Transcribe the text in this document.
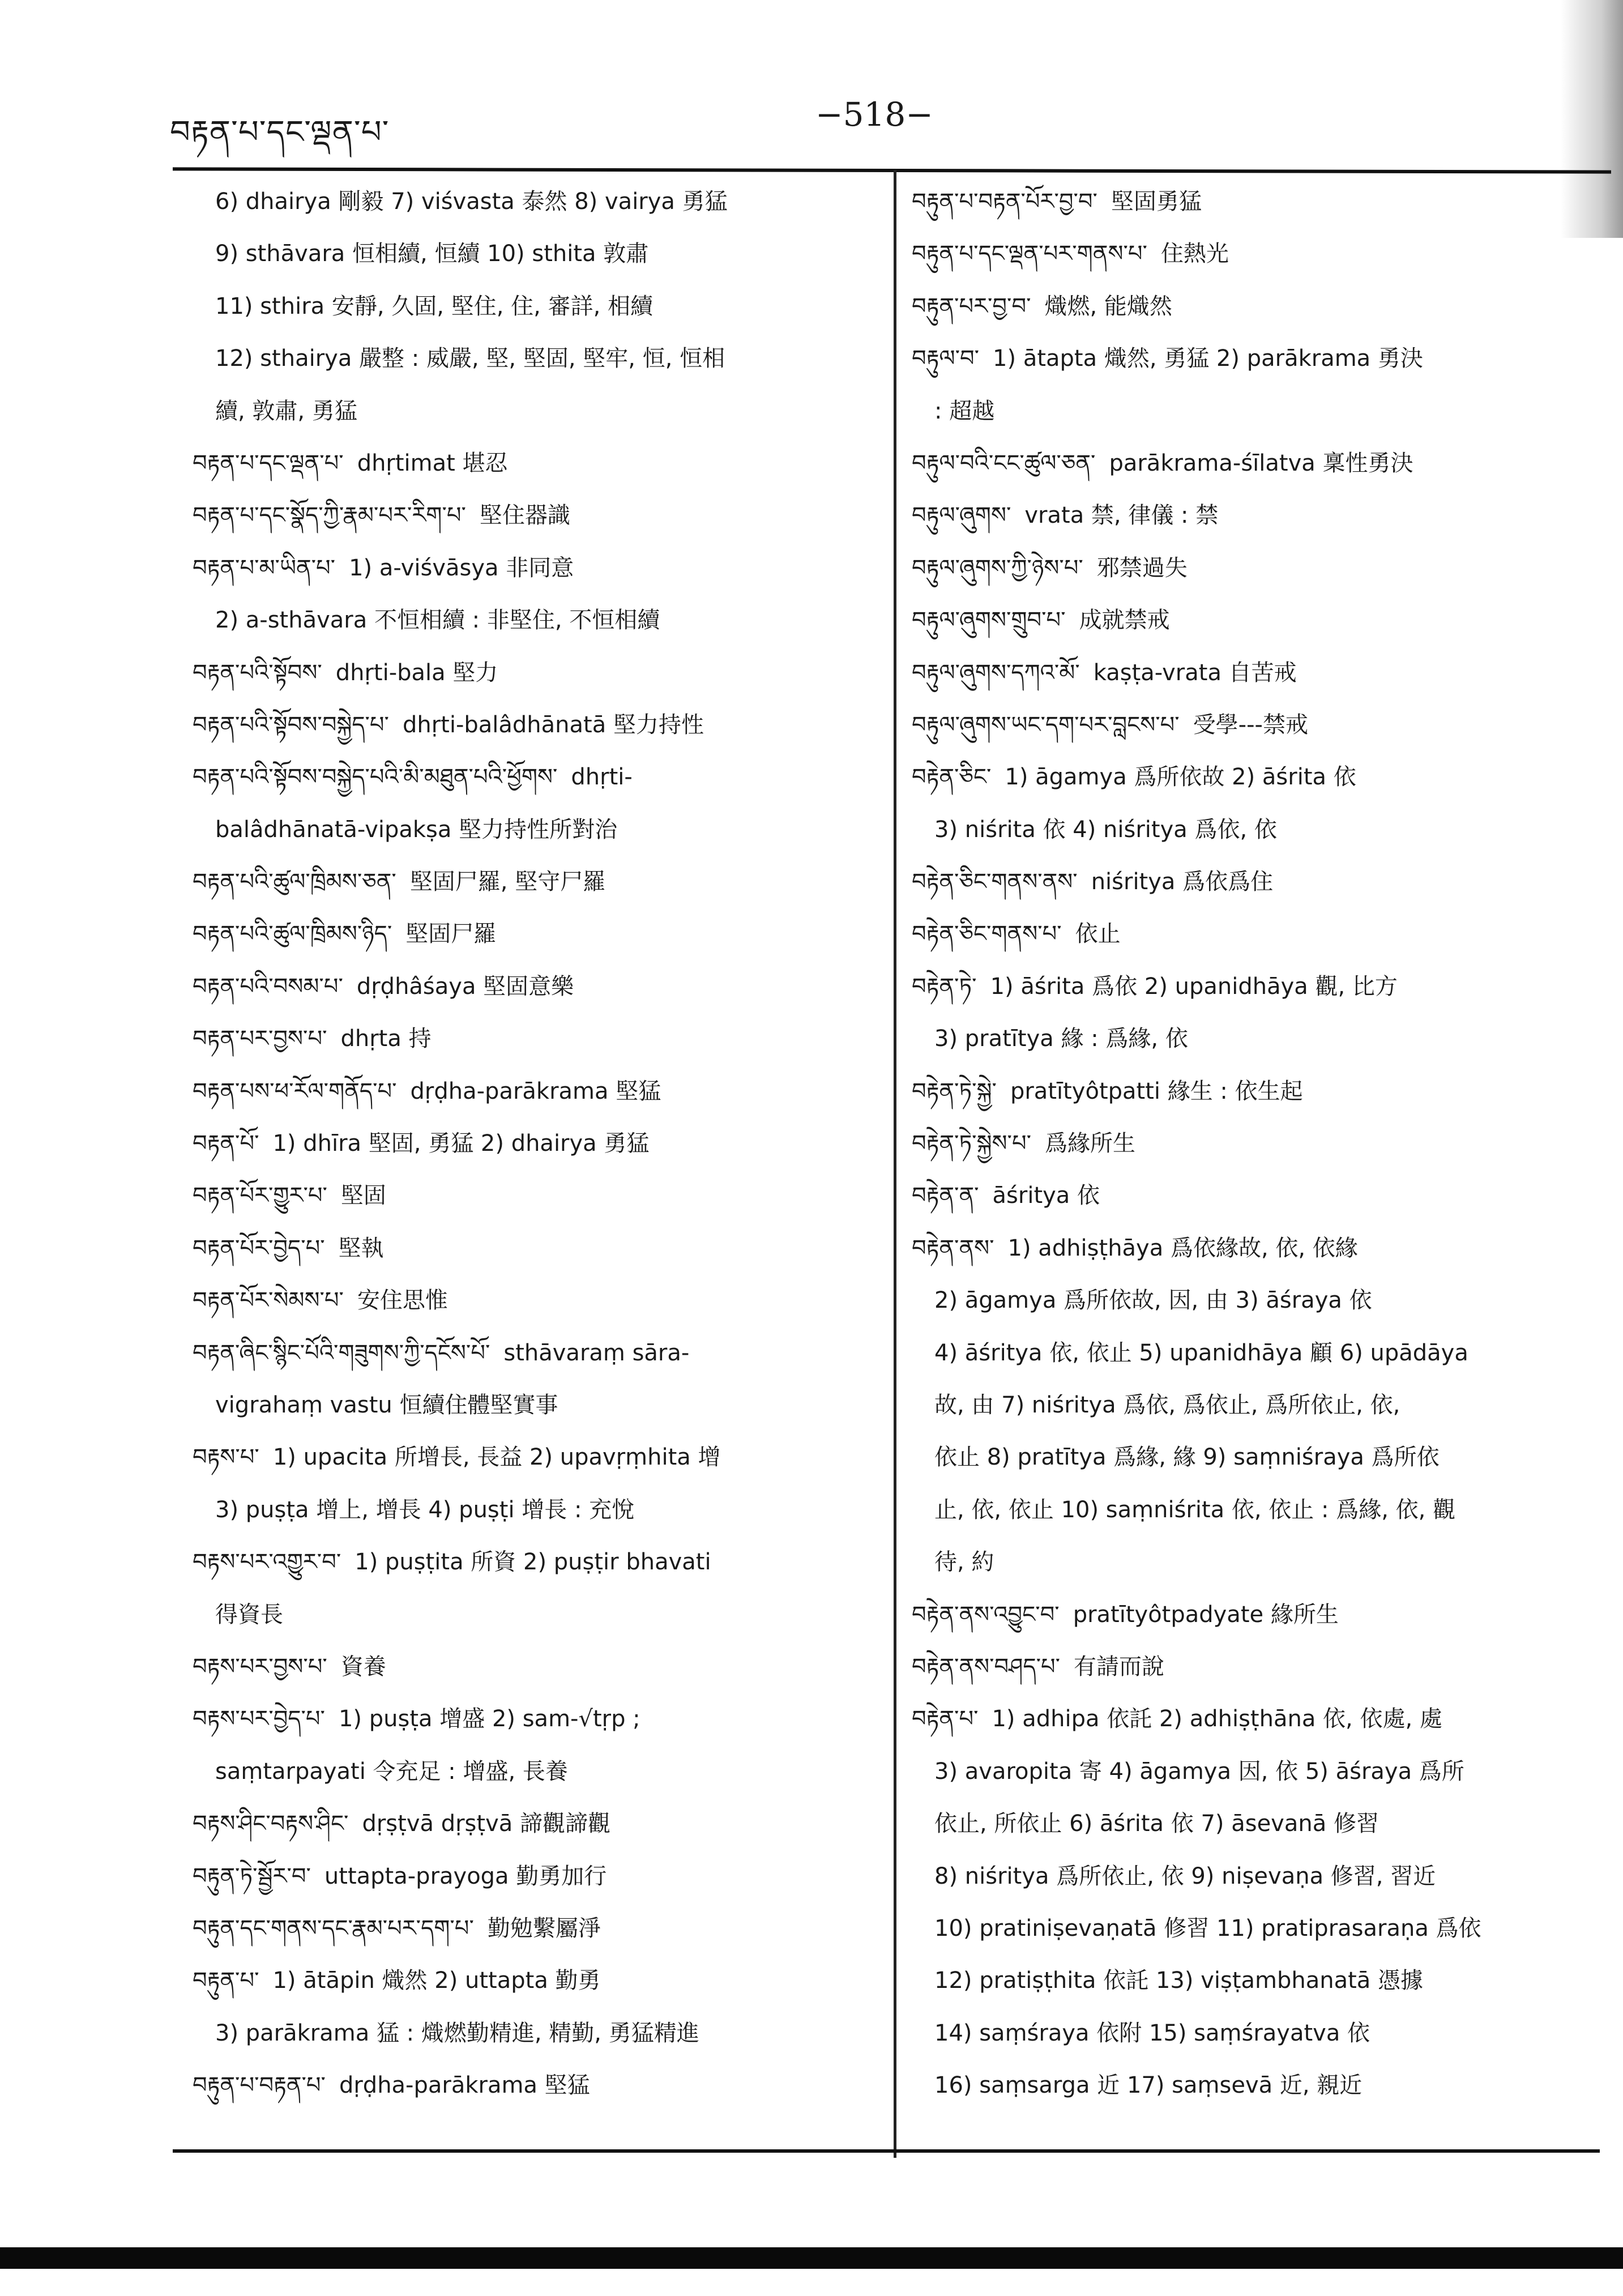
བརྟན་པ་དང་ལྡན་པ་	−518−
6) dhairya 剛毅 7) viśvasta 泰然 8) vairya 勇猛
9) sthāvara 恒相續, 恒續 10) sthita 敦肅
11) sthira 安靜, 久固, 堅住, 住, 審詳, 相續
12) sthairya 嚴整 : 威嚴, 堅, 堅固, 堅牢, 恒, 恒相
續, 敦肅, 勇猛
བརྟན་པ་དང་ལྡན་པ་ dhṛtimat 堪忍
བརྟན་པ་དང་སྣོད་ཀྱི་རྣམ་པར་རིག་པ་ 堅住器識
བརྟན་པ་མ་ཡིན་པ་ 1) a-viśvāsya 非同意
2) a-sthāvara 不恒相續 : 非堅住, 不恒相續
བརྟན་པའི་སྟོབས་ dhṛti-bala 堅力
བརྟན་པའི་སྟོབས་བསྐྱེད་པ་ dhṛti-balâdhānatā 堅力持性
བརྟན་པའི་སྟོབས་བསྐྱེད་པའི་མི་མཐུན་པའི་ཕྱོགས་ dhṛti-
balâdhānatā-vipakṣa 堅力持性所對治
བརྟན་པའི་ཚུལ་ཁྲིམས་ཅན་ 堅固尸羅, 堅守尸羅
བརྟན་པའི་ཚུལ་ཁྲིམས་ཉིད་ 堅固尸羅
བརྟན་པའི་བསམ་པ་ dṛḍhâśaya 堅固意樂
བརྟན་པར་བྱས་པ་ dhṛta 持
བརྟན་པས་ཕ་རོལ་གནོད་པ་ dṛḍha-parākrama 堅猛
བརྟན་པོ་ 1) dhīra 堅固, 勇猛 2) dhairya 勇猛
བརྟན་པོར་གྱུར་པ་ 堅固
བརྟན་པོར་བྱེད་པ་ 堅執
བརྟན་པོར་སེམས་པ་ 安住思惟
བརྟན་ཞིང་སྙིང་པོའི་གཟུགས་ཀྱི་དངོས་པོ་ sthāvaraṃ sāra-
vigrahaṃ vastu 恒續住體堅實事
བརྟས་པ་ 1) upacita 所增長, 長益 2) upavṛṃhita 增
3) puṣṭa 增上, 增長 4) puṣṭi 增長 : 充悅
བརྟས་པར་འགྱུར་བ་ 1) puṣṭita 所資 2) puṣṭir bhavati
得資長
བརྟས་པར་བྱས་པ་ 資養
བརྟས་པར་བྱེད་པ་ 1) puṣṭa 增盛 2) sam-√tṛp ;
saṃtarpayati 令充足 : 增盛, 長養
བརྟས་ཤིང་བརྟས་ཤིང་ dṛṣṭvā dṛṣṭvā 諦觀諦觀
བརྟུན་ཏེ་སྦྱོར་བ་ uttapta-prayoga 勤勇加行
བརྟུན་དང་གནས་དང་རྣམ་པར་དག་པ་ 勤勉繫屬淨
བརྟུན་པ་ 1) ātāpin 熾然 2) uttapta 勤勇
3) parākrama 猛 : 熾燃勤精進, 精勤, 勇猛精進
བརྟུན་པ་བརྟན་པ་ dṛḍha-parākrama 堅猛
བརྟུན་པ་བརྟན་པོར་བྱ་བ་ 堅固勇猛
བརྟུན་པ་དང་ལྡན་པར་གནས་པ་ 住熱光
བརྟུན་པར་བྱ་བ་ 熾燃, 能熾然
བརྟུལ་བ་ 1) ātapta 熾然, 勇猛 2) parākrama 勇決
: 超越
བརྟུལ་བའི་ངང་ཚུལ་ཅན་ parākrama-śīlatva 稟性勇決
བརྟུལ་ཞུགས་ vrata 禁, 律儀 : 禁
བརྟུལ་ཞུགས་ཀྱི་ཉེས་པ་ 邪禁過失
བརྟུལ་ཞུགས་གྲུབ་པ་ 成就禁戒
བརྟུལ་ཞུགས་དཀའ་མོ་ kaṣṭa-vrata 自苦戒
བརྟུལ་ཞུགས་ཡང་དག་པར་བླངས་པ་ 受學---禁戒
བརྟེན་ཅིང་ 1) āgamya 爲所依故 2) āśrita 依
3) niśrita 依 4) niśritya 爲依, 依
བརྟེན་ཅིང་གནས་ནས་ niśritya 爲依爲住
བརྟེན་ཅིང་གནས་པ་ 依止
བརྟེན་ཏེ་ 1) āśrita 爲依 2) upanidhāya 觀, 比方
3) pratītya 緣 : 爲緣, 依
བརྟེན་ཏེ་སྐྱེ་ pratītyôtpatti 緣生 : 依生起
བརྟེན་ཏེ་སྐྱེས་པ་ 爲緣所生
བརྟེན་ན་ āśritya 依
བརྟེན་ནས་ 1) adhiṣṭhāya 爲依緣故, 依, 依緣
2) āgamya 爲所依故, 因, 由 3) āśraya 依
4) āśritya 依, 依止 5) upanidhāya 顧 6) upādāya
故, 由 7) niśritya 爲依, 爲依止, 爲所依止, 依,
依止 8) pratītya 爲緣, 緣 9) saṃniśraya 爲所依
止, 依, 依止 10) saṃniśrita 依, 依止 : 爲緣, 依, 觀
待, 約
བརྟེན་ནས་འབྱུང་བ་ pratītyôtpadyate 緣所生
བརྟེན་ནས་བཤད་པ་ 有請而說
བརྟེན་པ་ 1) adhipa 依託 2) adhiṣṭhāna 依, 依處, 處
3) avaropita 寄 4) āgamya 因, 依 5) āśraya 爲所
依止, 所依止 6) āśrita 依 7) āsevanā 修習
8) niśritya 爲所依止, 依 9) niṣevaṇa 修習, 習近
10) pratiniṣevaṇatā 修習 11) pratiprasaraṇa 爲依
12) pratiṣṭhita 依託 13) viṣṭambhanatā 憑據
14) saṃśraya 依附 15) saṃśrayatva 依
16) saṃsarga 近 17) saṃsevā 近, 親近
